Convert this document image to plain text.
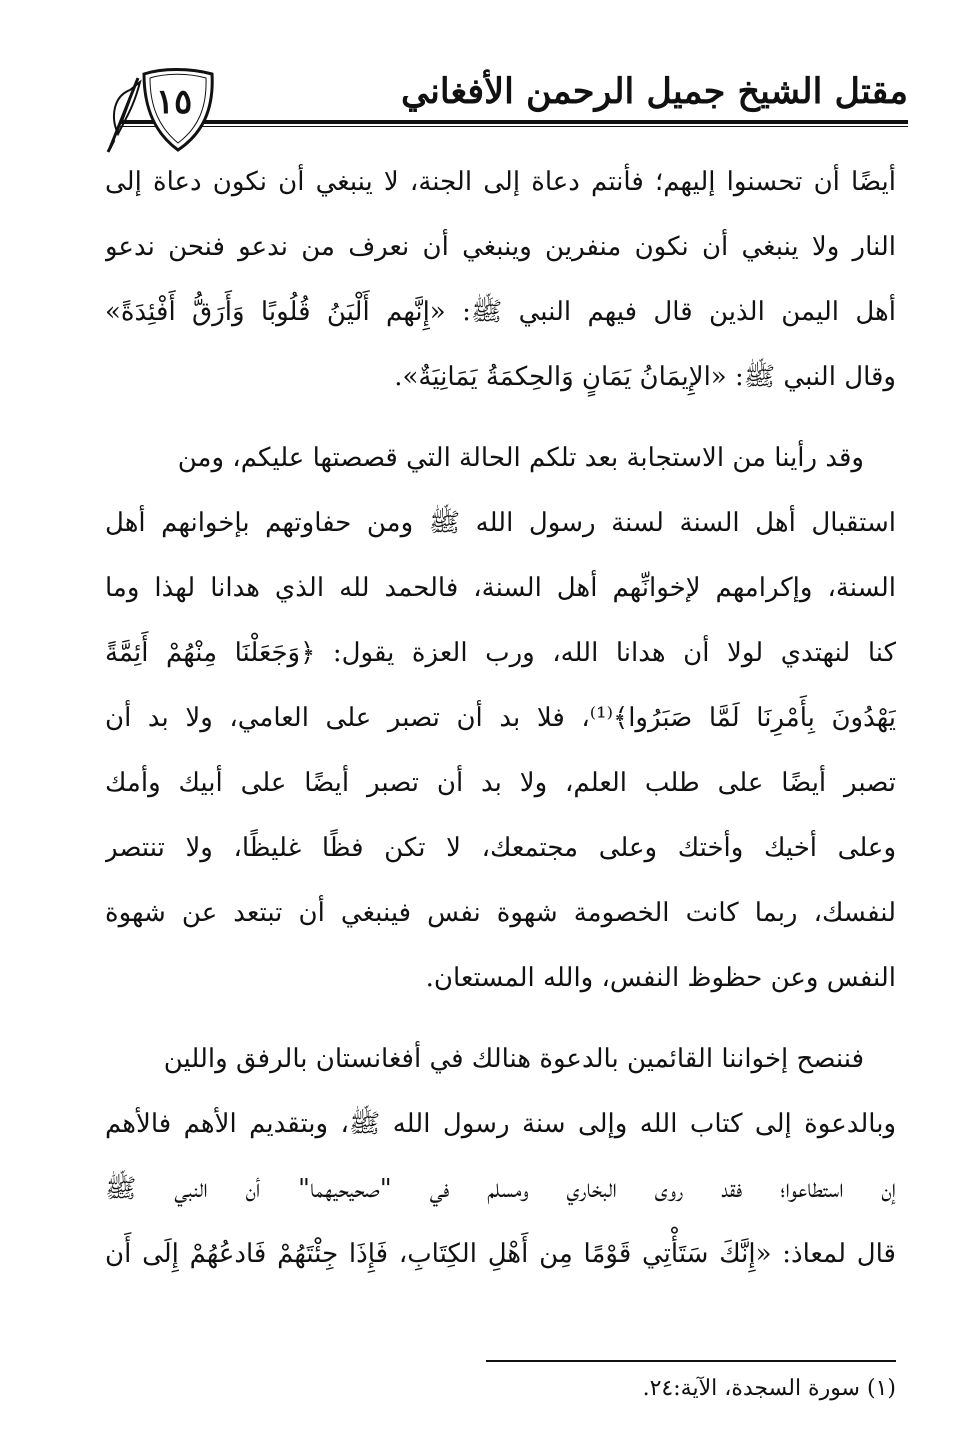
مقتل الشيخ جميل الرحمن الأفغاني
١٥
أيضًا أن تحسنوا إليهم؛ فأنتم دعاة إلى الجنة، لا ينبغي أن نكون دعاة إلى
النار ولا ينبغي أن نكون منفرين وينبغي أن نعرف من ندعو فنحن ندعو
أهل اليمن الذين قال فيهم النبي ﷺ: «إِنَّهم أَلْيَنُ قُلُوبًا وَأَرَقُّ أَفْئِدَةً»
وقال النبي ﷺ: «الإِيمَانُ يَمَانٍ وَالحِكمَةُ يَمَانِيَةٌ».
وقد رأينا من الاستجابة بعد تلكم الحالة التي قصصتها عليكم، ومن
استقبال أهل السنة لسنة رسول الله ﷺ ومن حفاوتهم بإخوانهم أهل
السنة، وإكرامهم لإخوانِّهم أهل السنة، فالحمد لله الذي هدانا لهذا وما
كنا لنهتدي لولا أن هدانا الله، ورب العزة يقول: ﴿وَجَعَلْنَا مِنْهُمْ أَئِمَّةً
يَهْدُونَ بِأَمْرِنَا لَمَّا صَبَرُوا﴾⁽¹⁾، فلا بد أن تصبر على العامي، ولا بد أن
تصبر أيضًا على طلب العلم، ولا بد أن تصبر أيضًا على أبيك وأمك
وعلى أخيك وأختك وعلى مجتمعك، لا تكن فظًا غليظًا، ولا تنتصر
لنفسك، ربما كانت الخصومة شهوة نفس فينبغي أن تبتعد عن شهوة
النفس وعن حظوظ النفس، والله المستعان.
فننصح إخواننا القائمين بالدعوة هنالك في أفغانستان بالرفق واللين
وبالدعوة إلى كتاب الله وإلى سنة رسول الله ﷺ، وبتقديم الأهم فالأهم
إن استطاعوا؛ فقد روى البخاري ومسلم في "صحيحيهما" أن النبي ﷺ
قال لمعاذ: «إِنَّكَ سَتَأْتِي قَوْمًا مِن أَهْلِ الكِتَابِ، فَإِذَا جِئْتَهُمْ فَادعُهُمْ إِلَى أَن
(١) سورة السجدة، الآية:٢٤.
